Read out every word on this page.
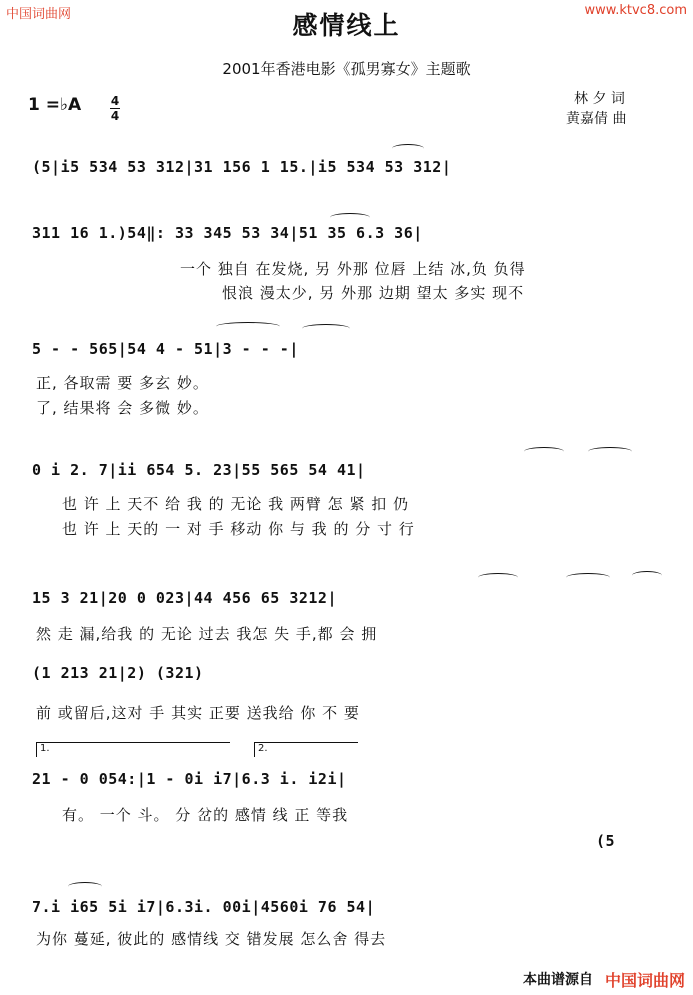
中国词曲网	www.ktvc8.com
感情线上
2001年香港电影《孤男寡女》主题歌
林 夕 词
黄嘉倩 曲
1 =♭A 4
4
(5|i5 534 53 312|31 156 1 15.|i5 534 53 312|
311 16 1.)54‖: 33 345 53 34|51 35 6.3 36|
一个 独自 在发烧, 另 外那 位唇 上结 冰,负 负得
恨浪 漫太少, 另 外那 边期 望太 多实 现不
5 - - 565|54 4 - 51|3 - - -|
正, 各取需 要 多玄 妙。
了, 结果将 会 多微 妙。
0 i 2. 7|ii 654 5. 23|55 565 54 41|
也 许 上 天不 给 我 的 无论 我 两臂 怎 紧 扣 仍
也 许 上 天的 一 对 手 移动 你 与 我 的 分 寸 行
15 3 21|20 0 023|44 456 65 3212|
然 走 漏,给我 的 无论 过去 我怎 失 手,都 会 拥
(1 213 21|2) (321)
前 或留后,这对 手 其实 正要 送我给 你 不 要
1.	2.
21 - 0 054:|1 - 0i i7|6.3 i. i2i|
有。 一个 斗。 分 岔的 感情 线 正 等我
(5
7.i i65 5i i7|6.3i. 00i|4560i 76 54|
为你 蔓延, 彼此的 感情线 交 错发展 怎么舍 得去
本曲谱源自 中国词曲网
